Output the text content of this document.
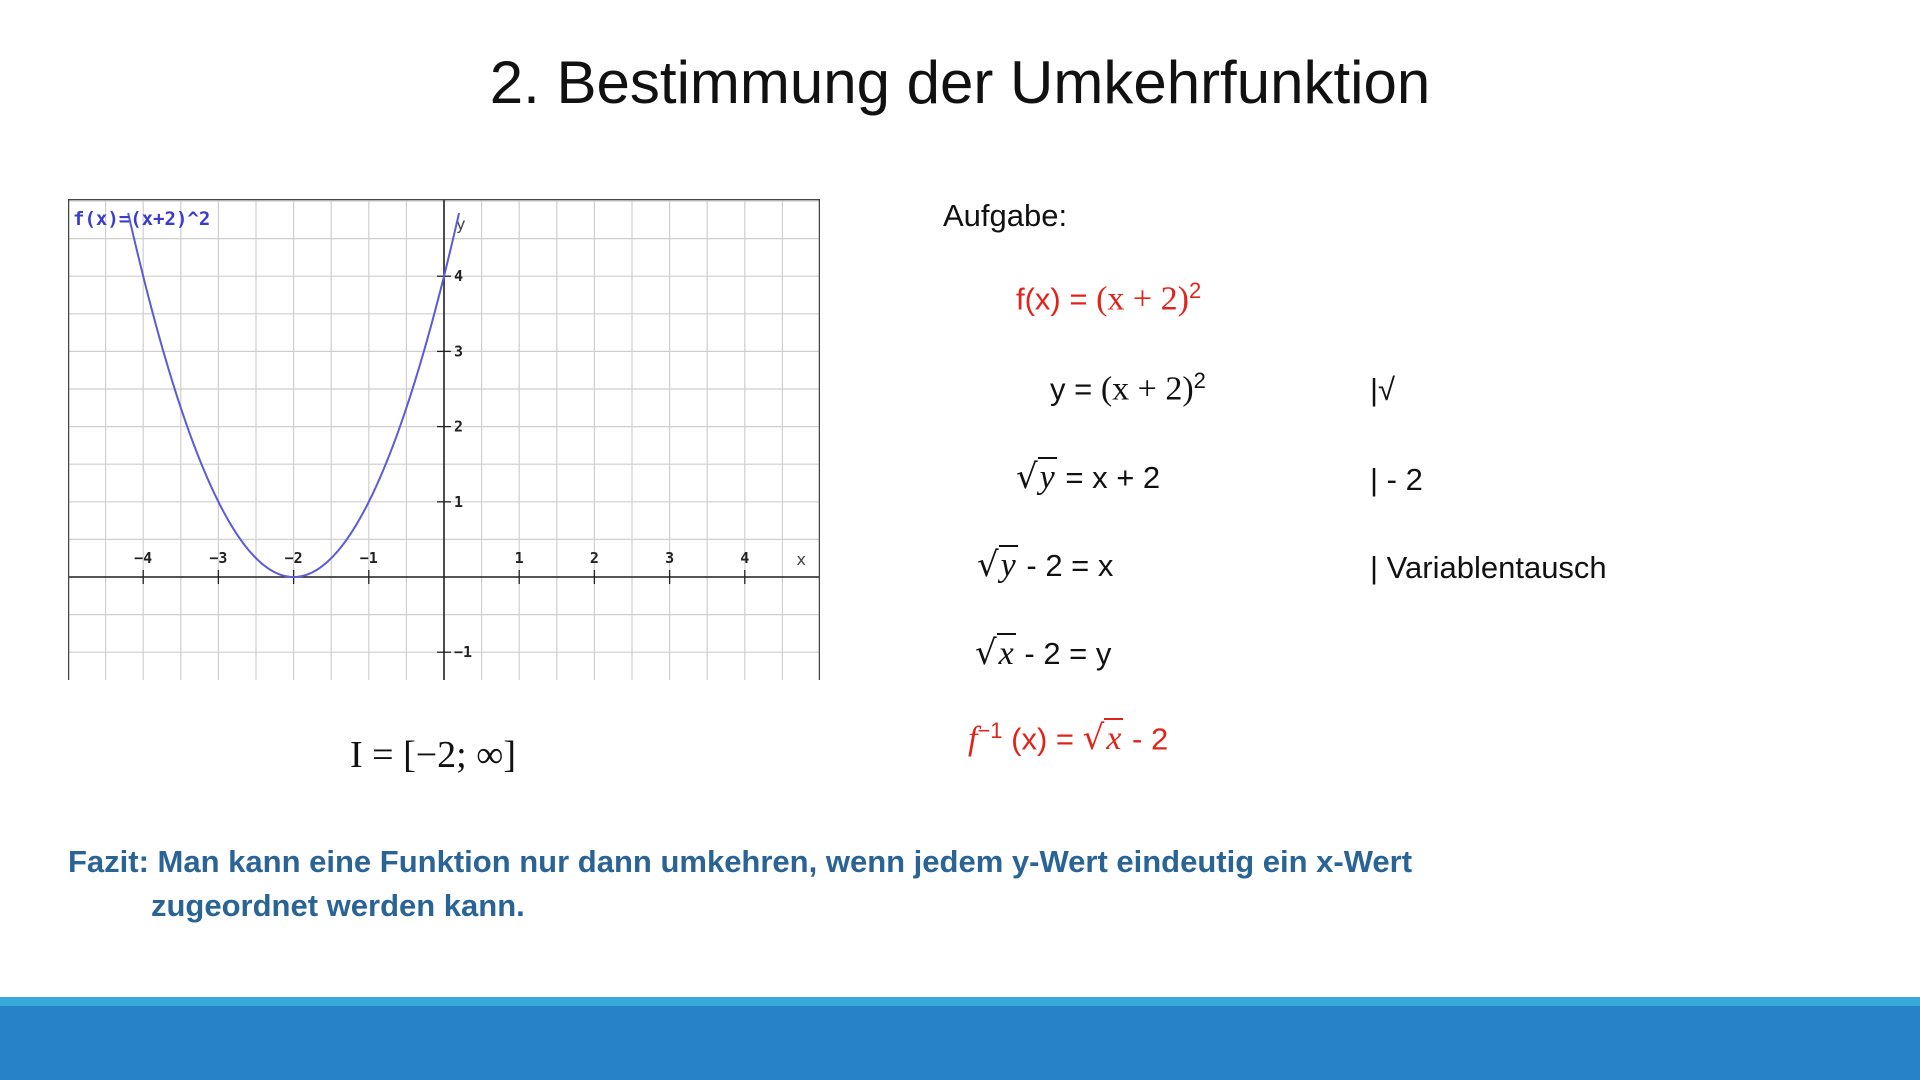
2. Bestimmung der Umkehrfunktion
−4	−3	−2	−1	1	2	3	4
−1
1
2
3
4
x
y
f(x)=(x+2)^2
I = [−2; ∞]
Aufgabe:
$f(x) = (x + 2)^2$
$y = (x + 2)^2$	|√
√y = x + 2	| - 2
√y - 2 = x	| Variablentausch
√x - 2 = y
$f^{-1}$ (x) = √x - 2
Fazit: Man kann eine Funktion nur dann umkehren, wenn jedem y-Wert eindeutig ein x-Wert
zugeordnet werden kann.
